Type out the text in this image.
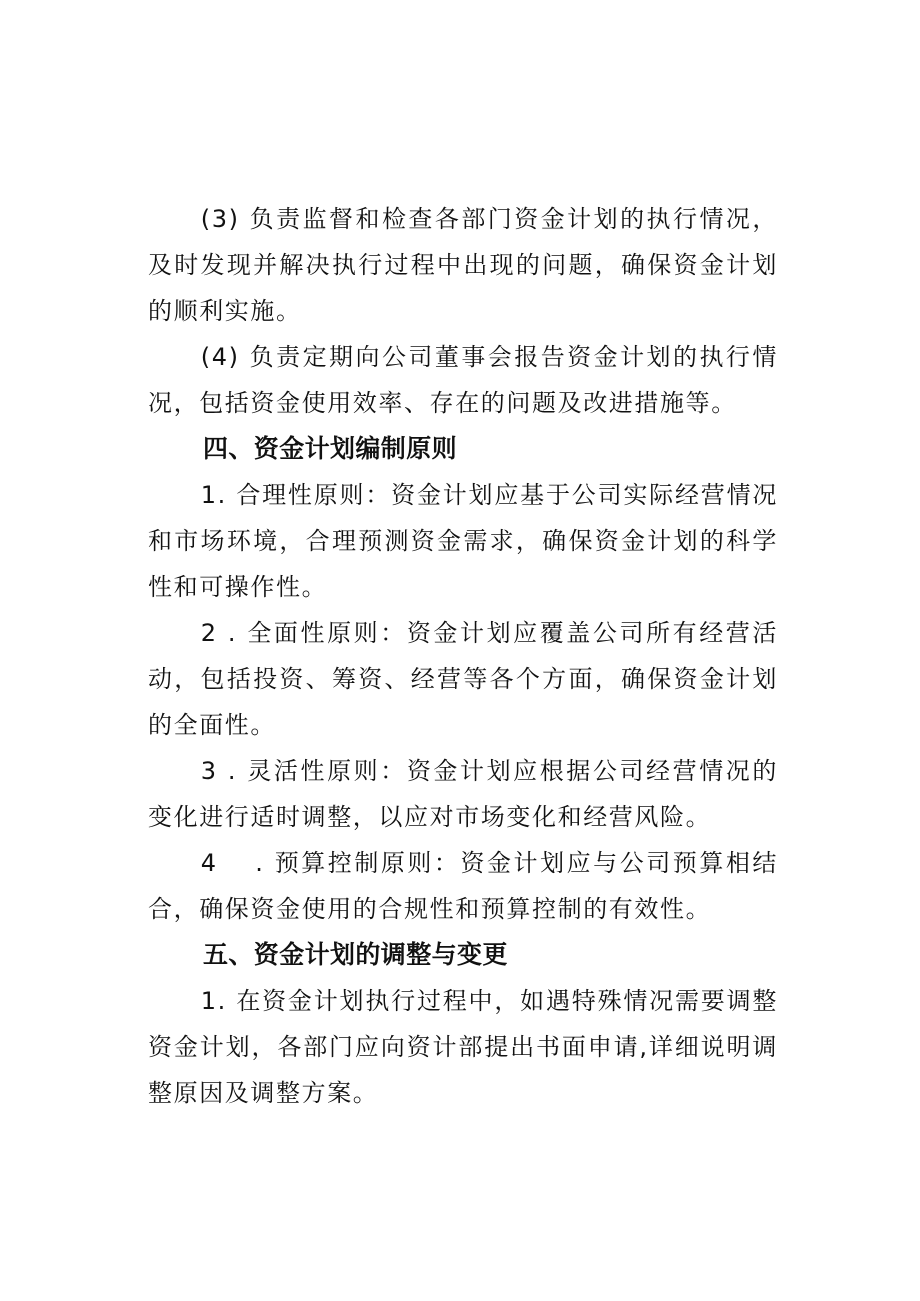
(3) 负责监督和检查各部门资金计划的执行情况，及时发现并解决执行过程中出现的问题，确保资金计划的顺利实施。

(4) 负责定期向公司董事会报告资金计划的执行情况，包括资金使用效率、存在的问题及改进措施等。

四、资金计划编制原则

1. 合理性原则：资金计划应基于公司实际经营情况和市场环境，合理预测资金需求，确保资金计划的科学性和可操作性。

2 . 全面性原则：资金计划应覆盖公司所有经营活动，包括投资、筹资、经营等各个方面，确保资金计划的全面性。

3 . 灵活性原则：资金计划应根据公司经营情况的变化进行适时调整，以应对市场变化和经营风险。

4　 . 预算控制原则：资金计划应与公司预算相结合，确保资金使用的合规性和预算控制的有效性。

五、资金计划的调整与变更

1. 在资金计划执行过程中，如遇特殊情况需要调整资金计划，各部门应向资计部提出书面申请,详细说明调整原因及调整方案。
